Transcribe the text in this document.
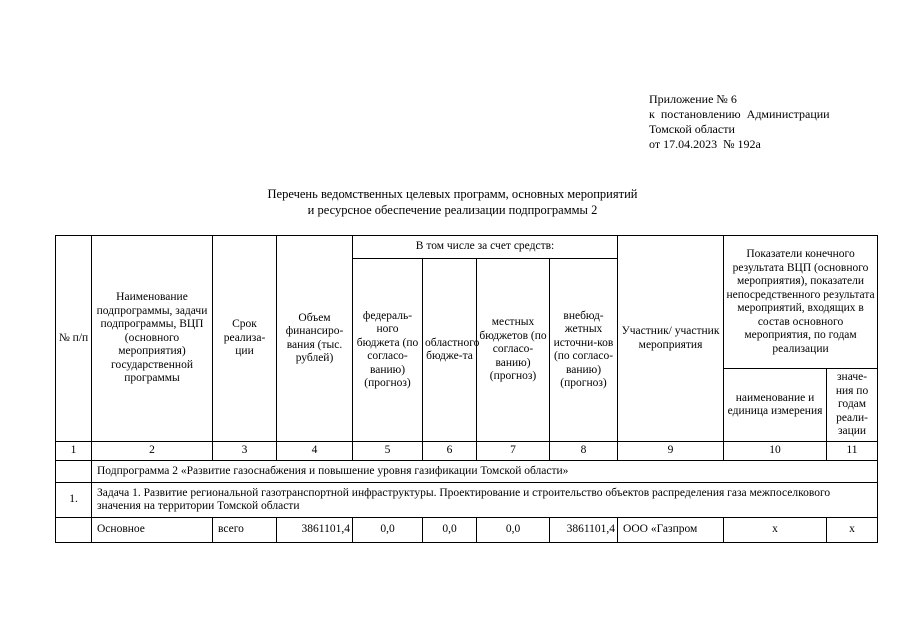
Приложение № 6
к  постановлению  Администрации
Томской области
от 17.04.2023  № 192а
Перечень ведомственных целевых программ, основных мероприятий
и ресурсное обеспечение реализации подпрограммы 2
№ п/п	Наименование подпрограммы, задачи подпрограммы, ВЦП (основного мероприятия) государственной программы	Срок реализа-ции	Объем финансиро-вания (тыс. рублей)	В том числе за счет средств:				Участник/ участник мероприятия	Показатели конечного результата ВЦП (основного мероприятия), показатели непосредственного результата мероприятий, входящих в состав основного мероприятия, по годам реализации	
				федераль-ного бюджета (по согласо-ванию) (прогноз)	областного бюдже-та	местных бюджетов (по согласо-ванию) (прогноз)	внебюд-жетных источни-ков (по согласо-ванию) (прогноз)			
									наименование и единица измерения	значе-ния по годам реали-зации
1	2	3	4	5	6	7	8	9	10	11
	Подпрограмма 2 «Развитие газоснабжения и повышение уровня газификации Томской области»									
1.	Задача 1. Развитие региональной газотранспортной инфраструктуры. Проектирование и строительство объектов распределения газа межпоселкового значения на территории Томской области									
	Основное	всего	3861101,4	0,0	0,0	0,0	3861101,4	ООО «Газпром	х	х
